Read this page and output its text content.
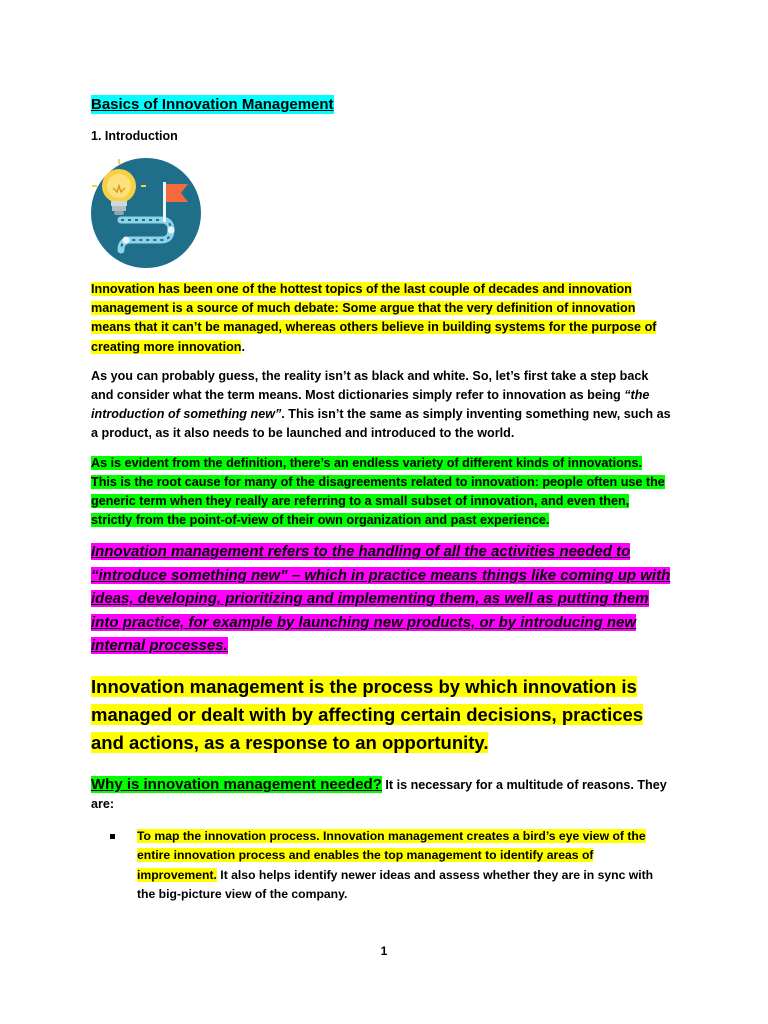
Basics of Innovation Management
1. Introduction

Innovation has been one of the hottest topics of the last couple of decades and innovation management is a source of much debate: Some argue that the very definition of innovation means that it can’t be managed, whereas others believe in building systems for the purpose of creating more innovation.

As you can probably guess, the reality isn’t as black and white. So, let’s first take a step back and consider what the term means. Most dictionaries simply refer to innovation as being “the introduction of something new”. This isn’t the same as simply inventing something new, such as a product, as it also needs to be launched and introduced to the world.

As is evident from the definition, there’s an endless variety of different kinds of innovations. This is the root cause for many of the disagreements related to innovation: people often use the generic term when they really are referring to a small subset of innovation, and even then, strictly from the point-of-view of their own organization and past experience.

Innovation management refers to the handling of all the activities needed to “introduce something new” – which in practice means things like coming up with ideas, developing, prioritizing and implementing them, as well as putting them into practice, for example by launching new products, or by introducing new internal processes.

Innovation management is the process by which innovation is managed or dealt with by affecting certain decisions, practices and actions, as a response to an opportunity.

Why is innovation management needed? It is necessary for a multitude of reasons. They are:

To map the innovation process. Innovation management creates a bird’s eye view of the entire innovation process and enables the top management to identify areas of improvement. It also helps identify newer ideas and assess whether they are in sync with the big-picture view of the company.
1
